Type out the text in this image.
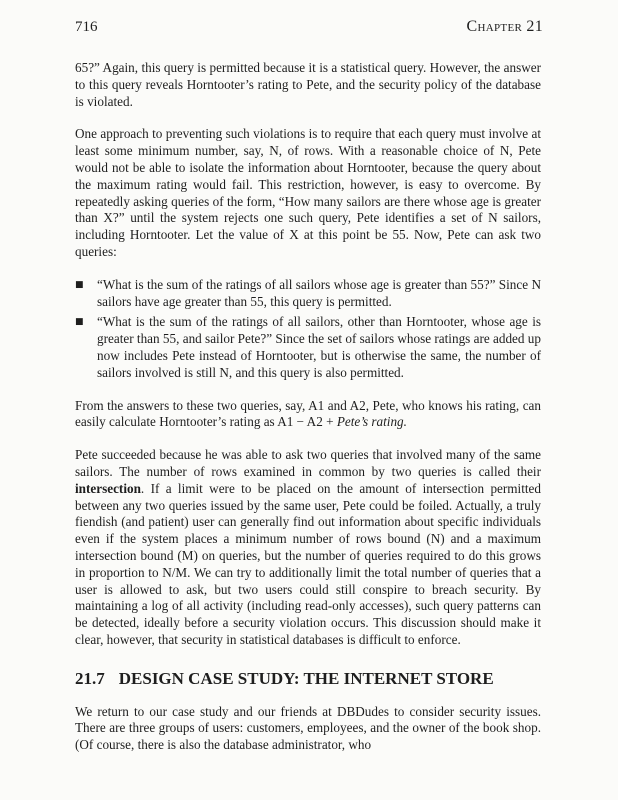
716	Chapter 21

65?” Again, this query is permitted because it is a statistical query. However, the answer to this query reveals Horntooter’s rating to Pete, and the security policy of the database is violated.

One approach to preventing such violations is to require that each query must involve at least some minimum number, say, N, of rows. With a reasonable choice of N, Pete would not be able to isolate the information about Horntooter, because the query about the maximum rating would fail. This restriction, however, is easy to overcome. By repeatedly asking queries of the form, “How many sailors are there whose age is greater than X?” until the system rejects one such query, Pete identifies a set of N sailors, including Horntooter. Let the value of X at this point be 55. Now, Pete can ask two queries:

■ “What is the sum of the ratings of all sailors whose age is greater than 55?” Since N sailors have age greater than 55, this query is permitted.
■ “What is the sum of the ratings of all sailors, other than Horntooter, whose age is greater than 55, and sailor Pete?” Since the set of sailors whose ratings are added up now includes Pete instead of Horntooter, but is otherwise the same, the number of sailors involved is still N, and this query is also permitted.

From the answers to these two queries, say, A1 and A2, Pete, who knows his rating, can easily calculate Horntooter’s rating as A1 − A2 + Pete’s rating.

Pete succeeded because he was able to ask two queries that involved many of the same sailors. The number of rows examined in common by two queries is called their intersection. If a limit were to be placed on the amount of intersection permitted between any two queries issued by the same user, Pete could be foiled. Actually, a truly fiendish (and patient) user can generally find out information about specific individuals even if the system places a minimum number of rows bound (N) and a maximum intersection bound (M) on queries, but the number of queries required to do this grows in proportion to N/M. We can try to additionally limit the total number of queries that a user is allowed to ask, but two users could still conspire to breach security. By maintaining a log of all activity (including read-only accesses), such query patterns can be detected, ideally before a security violation occurs. This discussion should make it clear, however, that security in statistical databases is difficult to enforce.

21.7 DESIGN CASE STUDY: THE INTERNET STORE

We return to our case study and our friends at DBDudes to consider security issues. There are three groups of users: customers, employees, and the owner of the book shop. (Of course, there is also the database administrator, who
